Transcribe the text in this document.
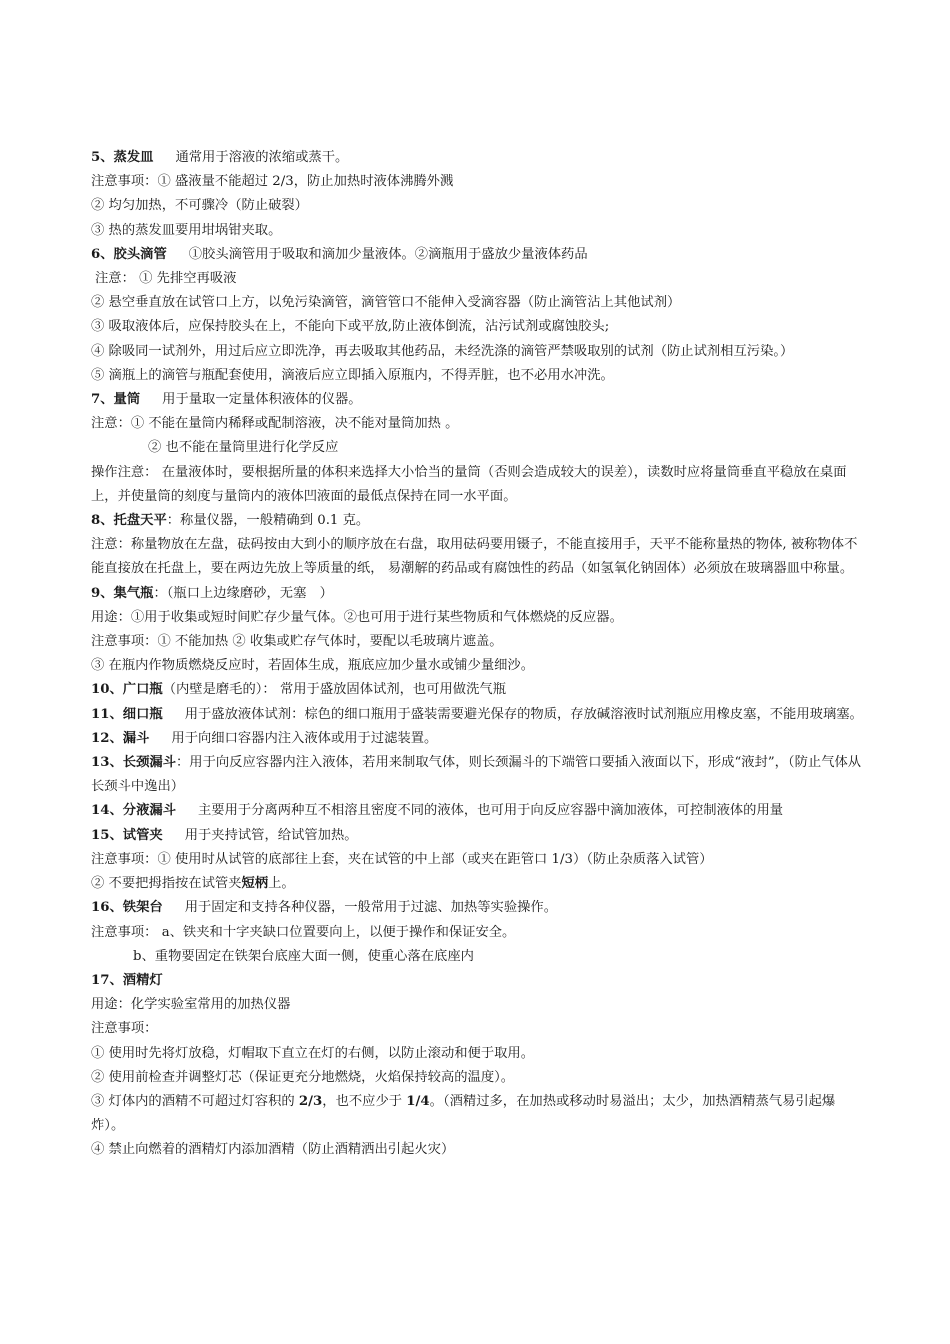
5、蒸发皿 通常用于溶液的浓缩或蒸干。
注意事项：① 盛液量不能超过 2/3，防止加热时液体沸腾外溅
② 均匀加热，不可骤冷（防止破裂）
③ 热的蒸发皿要用坩埚钳夹取。
6、胶头滴管 ①胶头滴管用于吸取和滴加少量液体。②滴瓶用于盛放少量液体药品
注意： ① 先排空再吸液
② 悬空垂直放在试管口上方，以免污染滴管，滴管管口不能伸入受滴容器（防止滴管沾上其他试剂）
③ 吸取液体后，应保持胶头在上，不能向下或平放,防止液体倒流，沾污试剂或腐蚀胶头;
④ 除吸同一试剂外，用过后应立即洗净，再去吸取其他药品，未经洗涤的滴管严禁吸取别的试剂（防止试剂相互污染。）
⑤ 滴瓶上的滴管与瓶配套使用，滴液后应立即插入原瓶内，不得弄脏，也不必用水冲洗。
7、量筒 用于量取一定量体积液体的仪器。
注意：① 不能在量筒内稀释或配制溶液，决不能对量筒加热 。
② 也不能在量筒里进行化学反应
操作注意： 在量液体时，要根据所量的体积来选择大小恰当的量筒（否则会造成较大的误差），读数时应将量筒垂直平稳放在桌面上，并使量筒的刻度与量筒内的液体凹液面的最低点保持在同一水平面。
8、托盘天平：称量仪器，一般精确到 0.1 克。
注意：称量物放在左盘，砝码按由大到小的顺序放在右盘，取用砝码要用镊子，不能直接用手，天平不能称量热的物体, 被称物体不能直接放在托盘上，要在两边先放上等质量的纸， 易潮解的药品或有腐蚀性的药品（如氢氧化钠固体）必须放在玻璃器皿中称量。
9、集气瓶：（瓶口上边缘磨砂，无塞　）
用途：①用于收集或短时间贮存少量气体。②也可用于进行某些物质和气体燃烧的反应器。
注意事项：① 不能加热 ② 收集或贮存气体时，要配以毛玻璃片遮盖。
③ 在瓶内作物质燃烧反应时，若固体生成，瓶底应加少量水或铺少量细沙。
10、广口瓶（内壁是磨毛的）： 常用于盛放固体试剂，也可用做洗气瓶
11、细口瓶 用于盛放液体试剂：棕色的细口瓶用于盛装需要避光保存的物质，存放碱溶液时试剂瓶应用橡皮塞，不能用玻璃塞。
12、漏斗 用于向细口容器内注入液体或用于过滤装置。
13、长颈漏斗：用于向反应容器内注入液体，若用来制取气体，则长颈漏斗的下端管口要插入液面以下，形成“液封”，（防止气体从长颈斗中逸出）
14、分液漏斗 主要用于分离两种互不相溶且密度不同的液体，也可用于向反应容器中滴加液体，可控制液体的用量
15、试管夹 用于夹持试管，给试管加热。
注意事项：① 使用时从试管的底部往上套，夹在试管的中上部（或夹在距管口 1/3）（防止杂质落入试管）
② 不要把拇指按在试管夹短柄上。
16、铁架台 用于固定和支持各种仪器，一般常用于过滤、加热等实验操作。
注意事项： a、铁夹和十字夹缺口位置要向上，以便于操作和保证安全。
b、重物要固定在铁架台底座大面一侧，使重心落在底座内
17、酒精灯
用途：化学实验室常用的加热仪器
注意事项：
① 使用时先将灯放稳，灯帽取下直立在灯的右侧，以防止滚动和便于取用。
② 使用前检查并调整灯芯（保证更充分地燃烧，火焰保持较高的温度）。
③ 灯体内的酒精不可超过灯容积的 2/3，也不应少于 1/4。（酒精过多，在加热或移动时易溢出；太少，加热酒精蒸气易引起爆炸）。
④ 禁止向燃着的酒精灯内添加酒精（防止酒精洒出引起火灾）
